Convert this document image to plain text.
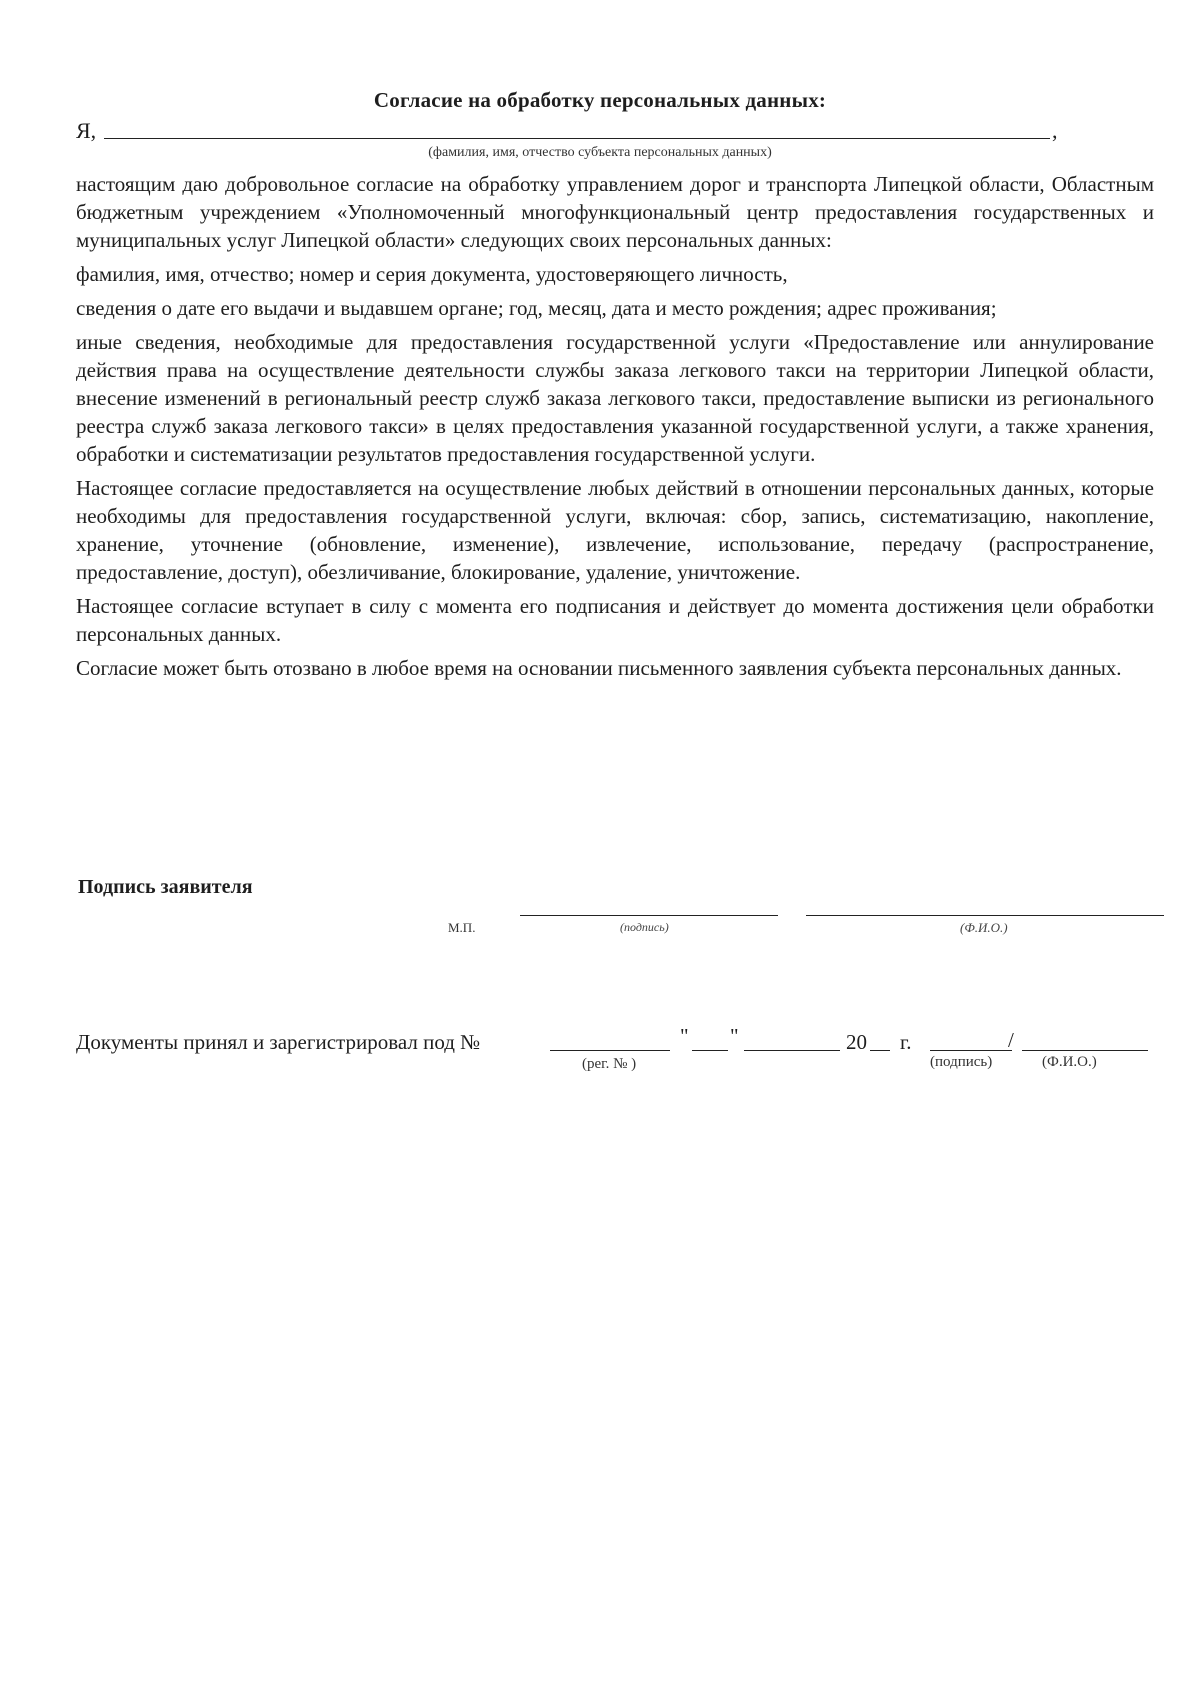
Согласие на обработку персональных данных:
Я,	,
(фамилия, имя, отчество субъекта персональных данных)

настоящим даю добровольное согласие на обработку управлением дорог и транспорта Липецкой области, Областным бюджетным учреждением «Уполномоченный многофункциональный центр предоставления государственных и муниципальных услуг Липецкой области» следующих своих персональных данных:

фамилия, имя, отчество; номер и серия документа, удостоверяющего личность,

сведения о дате его выдачи и выдавшем органе; год, месяц, дата и место рождения; адрес проживания;

иные сведения, необходимые для предоставления государственной услуги «Предоставление или аннулирование действия права на осуществление деятельности службы заказа легкового такси на территории Липецкой области, внесение изменений в региональный реестр служб заказа легкового такси, предоставление выписки из регионального реестра служб заказа легкового такси» в целях предоставления указанной государственной услуги, а также хранения, обработки и систематизации результатов предоставления государственной услуги.

Настоящее согласие предоставляется на осуществление любых действий в отношении персональных данных, которые необходимы для предоставления государственной услуги, включая: сбор, запись, систематизацию, накопление, хранение, уточнение (обновление, изменение), извлечение, использование, передачу (распространение, предоставление, доступ), обезличивание, блокирование, удаление, уничтожение.

Настоящее согласие вступает в силу с момента его подписания и действует до момента достижения цели обработки персональных данных.

Согласие может быть отозвано в любое время на основании письменного заявления субъекта персональных данных.

Подпись заявителя
М.П.	(подпись)	(Ф.И.О.)
Документы принял и зарегистрировал под №	" "	20 г.	/
(рег. № )	(подпись)	(Ф.И.О.)
